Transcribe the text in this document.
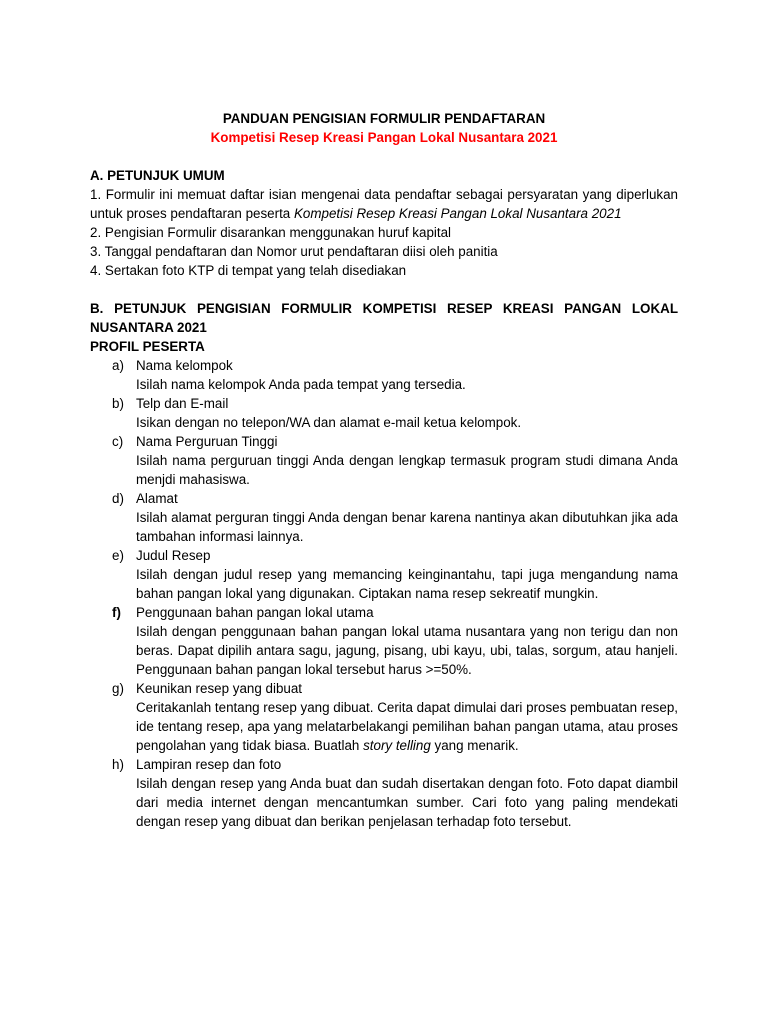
PANDUAN PENGISIAN FORMULIR PENDAFTARAN

Kompetisi Resep Kreasi Pangan Lokal Nusantara 2021

A. PETUNJUK UMUM

1. Formulir ini memuat daftar isian mengenai data pendaftar sebagai persyaratan yang diperlukan untuk proses pendaftaran peserta Kompetisi Resep Kreasi Pangan Lokal Nusantara 2021

2. Pengisian Formulir disarankan menggunakan huruf kapital

3. Tanggal pendaftaran dan Nomor urut pendaftaran diisi oleh panitia

4. Sertakan foto KTP di tempat yang telah disediakan

B. PETUNJUK PENGISIAN FORMULIR KOMPETISI RESEP KREASI PANGAN LOKAL NUSANTARA 2021

PROFIL PESERTA

a) Nama kelompok
Isilah nama kelompok Anda pada tempat yang tersedia.
b) Telp dan E-mail
Isikan dengan no telepon/WA dan alamat e-mail ketua kelompok.
c) Nama Perguruan Tinggi
Isilah nama perguruan tinggi Anda dengan lengkap termasuk program studi dimana Anda menjdi mahasiswa.
d) Alamat
Isilah alamat perguran tinggi Anda dengan benar karena nantinya akan dibutuhkan jika ada tambahan informasi lainnya.
e) Judul Resep
Isilah dengan judul resep yang memancing keinginantahu, tapi juga mengandung nama bahan pangan lokal yang digunakan. Ciptakan nama resep sekreatif mungkin.
f) Penggunaan bahan pangan lokal utama
Isilah dengan penggunaan bahan pangan lokal utama nusantara yang non terigu dan non beras. Dapat dipilih antara sagu, jagung, pisang, ubi kayu, ubi, talas, sorgum, atau hanjeli. Penggunaan bahan pangan lokal tersebut harus >=50%.
g) Keunikan resep yang dibuat
Ceritakanlah tentang resep yang dibuat. Cerita dapat dimulai dari proses pembuatan resep, ide tentang resep, apa yang melatarbelakangi pemilihan bahan pangan utama, atau proses pengolahan yang tidak biasa. Buatlah story telling yang menarik.
h) Lampiran resep dan foto
Isilah dengan resep yang Anda buat dan sudah disertakan dengan foto. Foto dapat diambil dari media internet dengan mencantumkan sumber. Cari foto yang paling mendekati dengan resep yang dibuat dan berikan penjelasan terhadap foto tersebut.
